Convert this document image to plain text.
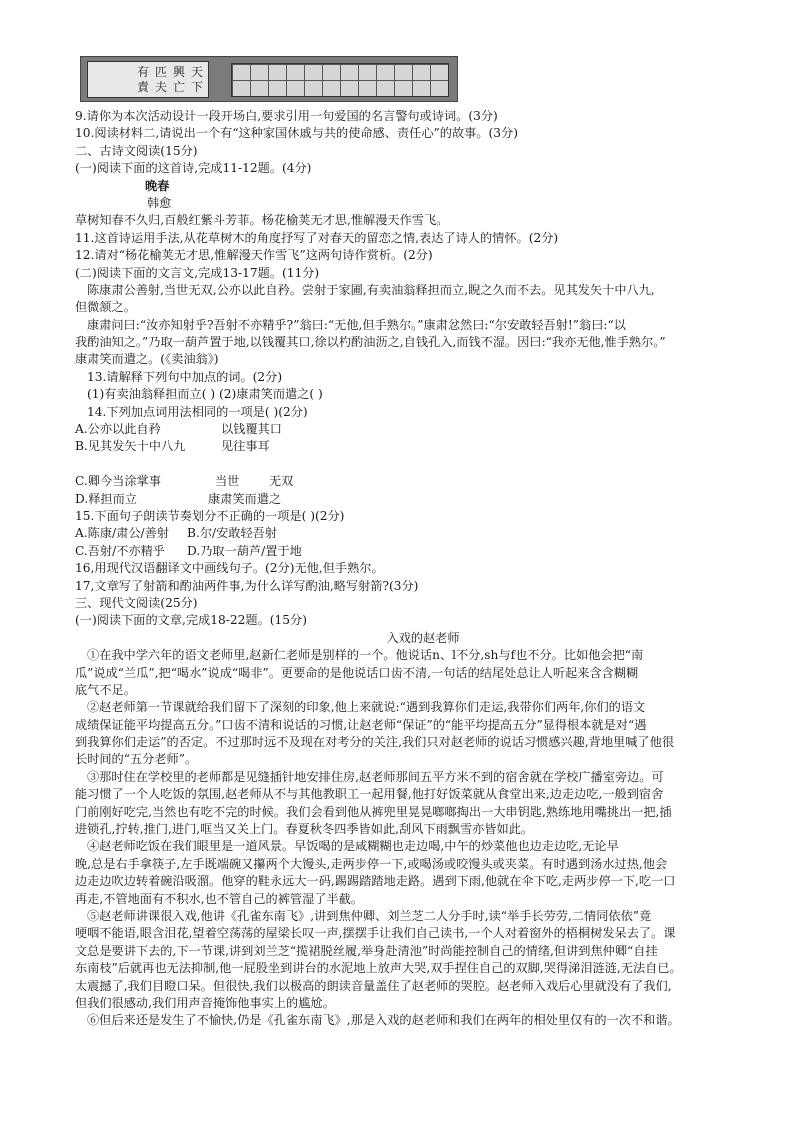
天
下
興
亡
匹
夫
有
責
9.请你为本次活动设计一段开场白,要求引用一句爱国的名言警句或诗词。(3分)
10.阅读材料二,请说出一个有“这种家国休戚与共的使命感、责任心”的故事。(3分)
二、古诗文阅读(15分)
(一)阅读下面的这首诗,完成11-12题。(4分)
晚春
韩愈
草树知春不久归,百般红紫斗芳菲。杨花榆荚无才思,惟解漫天作雪飞。
11.这首诗运用手法,从花草树木的角度抒写了对春天的留恋之情,表达了诗人的情怀。(2分)
12.请对“杨花榆荚无才思,惟解漫天作雪飞”这两句诗作赏析。(2分)
(二)阅读下面的文言文,完成13-17题。(11分)
陈康肃公善射,当世无双,公亦以此自矜。尝射于家圃,有卖油翁释担而立,睨之久而不去。见其发矢十中八九,
但微颔之。
康肃问曰:“汝亦知射乎?吾射不亦精乎?”翁曰:“无他,但手熟尔。”康肃忿然曰:“尔安敢轻吾射!”翁曰:“以
我酌油知之。”乃取一葫芦置于地,以钱覆其口,徐以杓酌油沥之,自钱孔入,而钱不湿。因曰:“我亦无他,惟手熟尔。”
康肃笑而遣之。(《卖油翁》)
13.请解释下列句中加点的词。(2分)
(1)有卖油翁释担而立( ) (2)康肃笑而遣之( )
14.下列加点词用法相同的一项是( )(2分)
A.公亦以此自矜	以钱覆其口
B.见其发矢十中八九	见往事耳
C.卿今当涂掌事	当世 无双
D.释担而立	康肃笑而遣之
15.下面句子朗读节奏划分不正确的一项是( )(2分)
A.陈康/肃公/善射 B.尔/安敢轻吾射
C.吾射/不亦精乎 D.乃取一葫芦/置于地
16,用现代汉语翻译文中画线句子。(2分)无他,但手熟尔。
17,文章写了射箭和酌油两件事,为什么详写酌油,略写射箭?(3分)
三、现代文阅读(25分)
(一)阅读下面的文章,完成18-22题。(15分)
入戏的赵老师
①在我中学六年的语文老师里,赵新仁老师是别样的一个。他说话n、l不分,sh与f也不分。比如他会把“南
瓜”说成“兰瓜”,把“喝水”说成“喝非”。更要命的是他说话口齿不清,一句话的结尾处总让人听起来含含糊糊
底气不足。
②赵老师第一节课就给我们留下了深刻的印象,他上来就说:“遇到我算你们走运,我带你们两年,你们的语文
成绩保证能平均提高五分。”口齿不清和说话的习惯,让赵老师“保证”的“能平均提高五分”显得根本就是对“遇
到我算你们走运”的否定。不过那时远不及现在对考分的关注,我们只对赵老师的说话习惯感兴趣,背地里喊了他很
长时间的“五分老师”。
③那时住在学校里的老师都是见缝插针地安排住房,赵老师那间五平方米不到的宿舍就在学校广播室旁边。可
能习惯了一个人吃饭的氛围,赵老师从不与其他教职工一起用餐,他打好饭菜就从食堂出来,边走边吃,一般到宿舍
门前刚好吃完,当然也有吃不完的时候。我们会看到他从裤兜里晃晃啷啷掏出一大串钥匙,熟练地用嘴挑出一把,插
进锁孔,拧转,推门,进门,哐当又关上门。春夏秋冬四季皆如此,刮风下雨飘雪亦皆如此。
④赵老师吃饭在我们眼里是一道风景。早饭喝的是咸糊糊也走边喝,中午的炒菜他也边走边吃,无论早
晚,总是右手拿筷子,左手既端碗又攥两个大馒头,走两步停一下,或喝汤或咬馒头或夹菜。有时遇到汤水过热,他会
边走边吹边转着碗沿吸溜。他穿的鞋永远大一码,踢踢踏踏地走路。遇到下雨,他就在伞下吃,走两步停一下,吃一口
再走,不管地面有不积水,也不管自己的裤管湿了半截。
⑤赵老师讲课很入戏,他讲《孔雀东南飞》,讲到焦仲卿、刘兰芝二人分手时,读“举手长劳劳,二情同依依”竟
哽咽不能语,眼含泪花,望着空荡荡的屋梁长叹一声,摆摆手让我们自己读书,一个人对着窗外的梧桐树发呆去了。课
文总是要讲下去的,下一节课,讲到刘兰芝“揽裙脱丝履,举身赴清池”时尚能控制自己的情绪,但讲到焦仲卿“自挂
东南枝”后就再也无法抑制,他一屁股坐到讲台的水泥地上放声大哭,双手捏住自己的双脚,哭得涕泪涟涟,无法自已。
太震撼了,我们目瞪口呆。但很快,我们以极高的朗读音量盖住了赵老师的哭腔。赵老师入戏后心里就没有了我们,
但我们很感动,我们用声音掩饰他事实上的尴尬。
⑥但后来还是发生了不愉快,仍是《孔雀东南飞》,那是入戏的赵老师和我们在两年的相处里仅有的一次不和谐。
